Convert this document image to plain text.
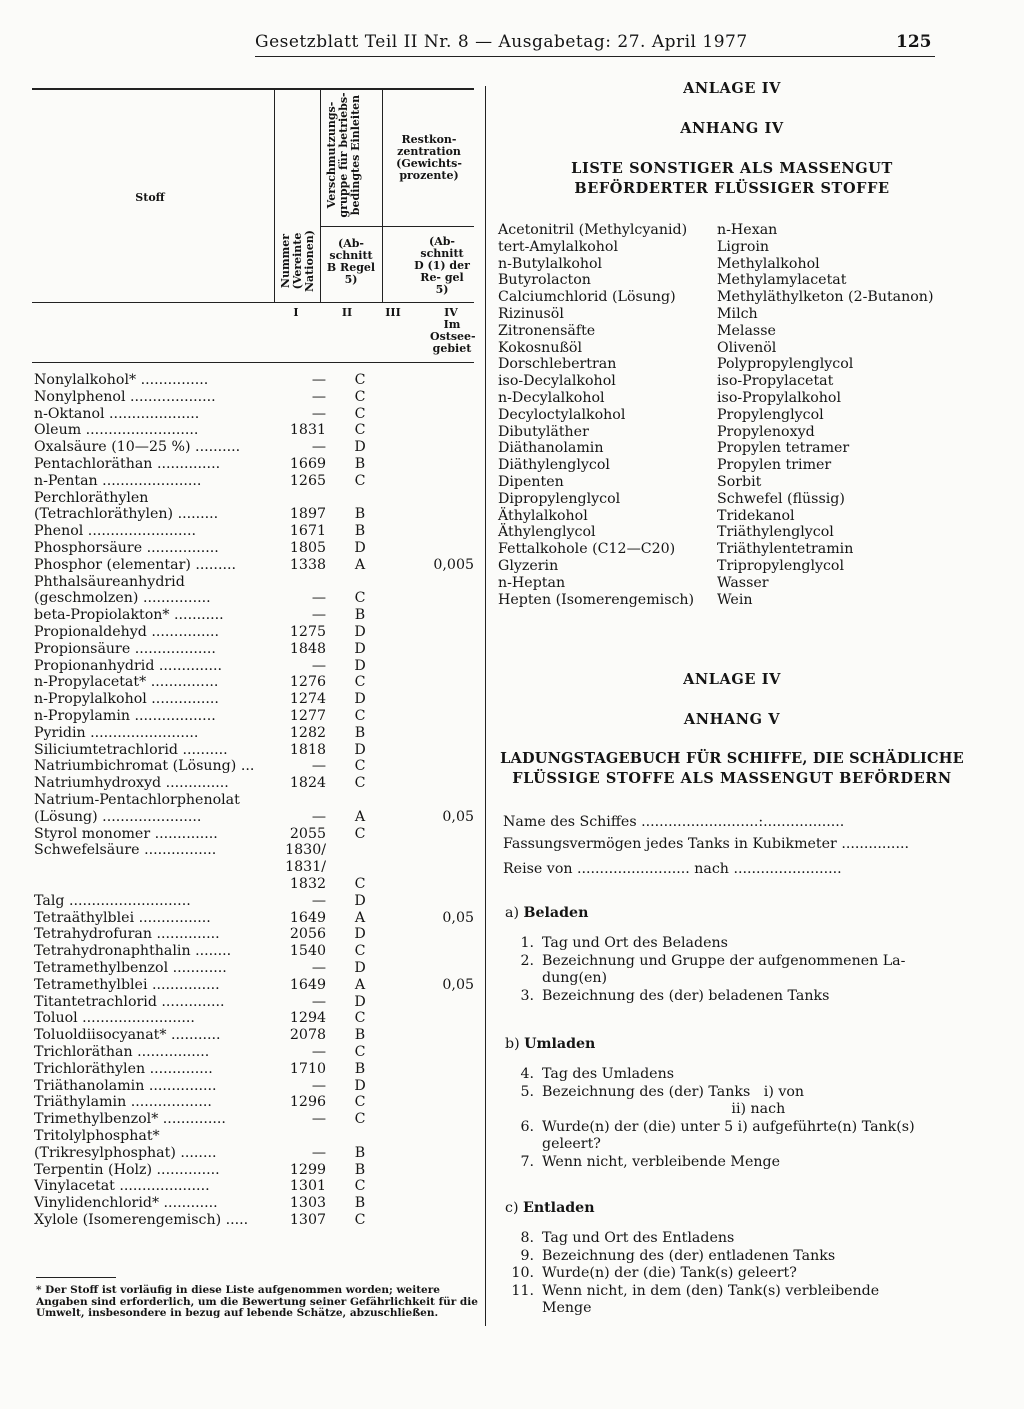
Gesetzblatt Teil II Nr. 8 — Ausgabetag: 27. April 1977	125
Stoff
Nummer (Vereinte Nationen)
Verschmutzungs- gruppe für betriebs- bedingtes Einleiten
(Ab- schnitt B Regel 5)
Restkon- zentration (Gewichts- prozente)
(Ab- schnitt D (1) der Re- gel 5)
I	II	III	IV
Im Ostsee- gebiet
Nonylalkohol* ...............	—	C
Nonylphenol ...................	—	C
n-Oktanol ....................	—	C
Oleum .........................	1831	C
Oxalsäure (10—25 %) ..........	—	D
Pentachloräthan ..............	1669	B
n-Pentan ......................	1265	C
Perchloräthylen
(Tetrachloräthylen) .........	1897	B
Phenol ........................	1671	B
Phosphorsäure ................	1805	D
Phosphor (elementar) .........	1338	A	0,005
Phthalsäureanhydrid
(geschmolzen) ...............	—	C
beta-Propiolakton* ...........	—	B
Propionaldehyd ...............	1275	D
Propionsäure ..................	1848	D
Propionanhydrid ..............	—	D
n-Propylacetat* ...............	1276	C
n-Propylalkohol ...............	1274	D
n-Propylamin ..................	1277	C
Pyridin ........................	1282	B
Siliciumtetrachlorid ..........	1818	D
Natriumbichromat (Lösung) ...	—	C
Natriumhydroxyd ..............	1824	C
Natrium-Pentachlorphenolat
(Lösung) ......................	—	A	0,05
Styrol monomer ..............	2055	C
Schwefelsäure ................	1830/
1831/
1832	C
Talg ...........................	—	D
Tetraäthylblei ................	1649	A	0,05
Tetrahydrofuran ..............	2056	D
Tetrahydronaphthalin ........	1540	C
Tetramethylbenzol ............	—	D
Tetramethylblei ...............	1649	A	0,05
Titantetrachlorid ..............	—	D
Toluol .........................	1294	C
Toluoldiisocyanat* ...........	2078	B
Trichloräthan ................	—	C
Trichloräthylen ..............	1710	B
Triäthanolamin ...............	—	D
Triäthylamin ..................	1296	C
Trimethylbenzol* ..............	—	C
Tritolylphosphat*
(Trikresylphosphat) ........	—	B
Terpentin (Holz) ..............	1299	B
Vinylacetat ....................	1301	C
Vinylidenchlorid* ............	1303	B
Xylole (Isomerengemisch) .....	1307	C
* Der Stoff ist vorläufig in diese Liste aufgenommen worden; weitere Angaben sind erforderlich, um die Bewertung seiner Gefährlichkeit für die Umwelt, insbesondere in bezug auf lebende Schätze, abzuschließen.
ANLAGE IV
ANHANG IV
LISTE SONSTIGER ALS MASSENGUT
BEFÖRDERTER FLÜSSIGER STOFFE
Acetonitril (Methylcyanid)
tert-Amylalkohol
n-Butylalkohol
Butyrolacton
Calciumchlorid (Lösung)
Rizinusöl
Zitronensäfte
Kokosnußöl
Dorschlebertran
iso-Decylalkohol
n-Decylalkohol
Decyloctylalkohol
Dibutyläther
Diäthanolamin
Diäthylenglycol
Dipenten
Dipropylenglycol
Äthylalkohol
Äthylenglycol
Fettalkohole (C12—C20)
Glyzerin
n-Heptan
Hepten (Isomerengemisch)
n-Hexan
Ligroin
Methylalkohol
Methylamylacetat
Methyläthylketon (2-Butanon)
Milch
Melasse
Olivenöl
Polypropylenglycol
iso-Propylacetat
iso-Propylalkohol
Propylenglycol
Propylenoxyd
Propylen tetramer
Propylen trimer
Sorbit
Schwefel (flüssig)
Tridekanol
Triäthylenglycol
Triäthylentetramin
Tripropylenglycol
Wasser
Wein
ANLAGE IV
ANHANG V
LADUNGSTAGEBUCH FÜR SCHIFFE, DIE SCHÄDLICHE
FLÜSSIGE STOFFE ALS MASSENGUT BEFÖRDERN
Name des Schiffes ..........................:..................
Fassungsvermögen jedes Tanks in Kubikmeter ...............
Reise von ......................... nach ........................
a) Beladen
1. Tag und Ort des Beladens
2. Bezeichnung und Gruppe der aufgenommenen La-
dung(en)
3. Bezeichnung des (der) beladenen Tanks
b) Umladen
4. Tag des Umladens
5. Bezeichnung des (der) Tanks   i) von
ii) nach
6. Wurde(n) der (die) unter 5 i) aufgeführte(n) Tank(s)
geleert?
7. Wenn nicht, verbleibende Menge
c) Entladen
8. Tag und Ort des Entladens
9. Bezeichnung des (der) entladenen Tanks
10. Wurde(n) der (die) Tank(s) geleert?
11. Wenn nicht, in dem (den) Tank(s) verbleibende
Menge
